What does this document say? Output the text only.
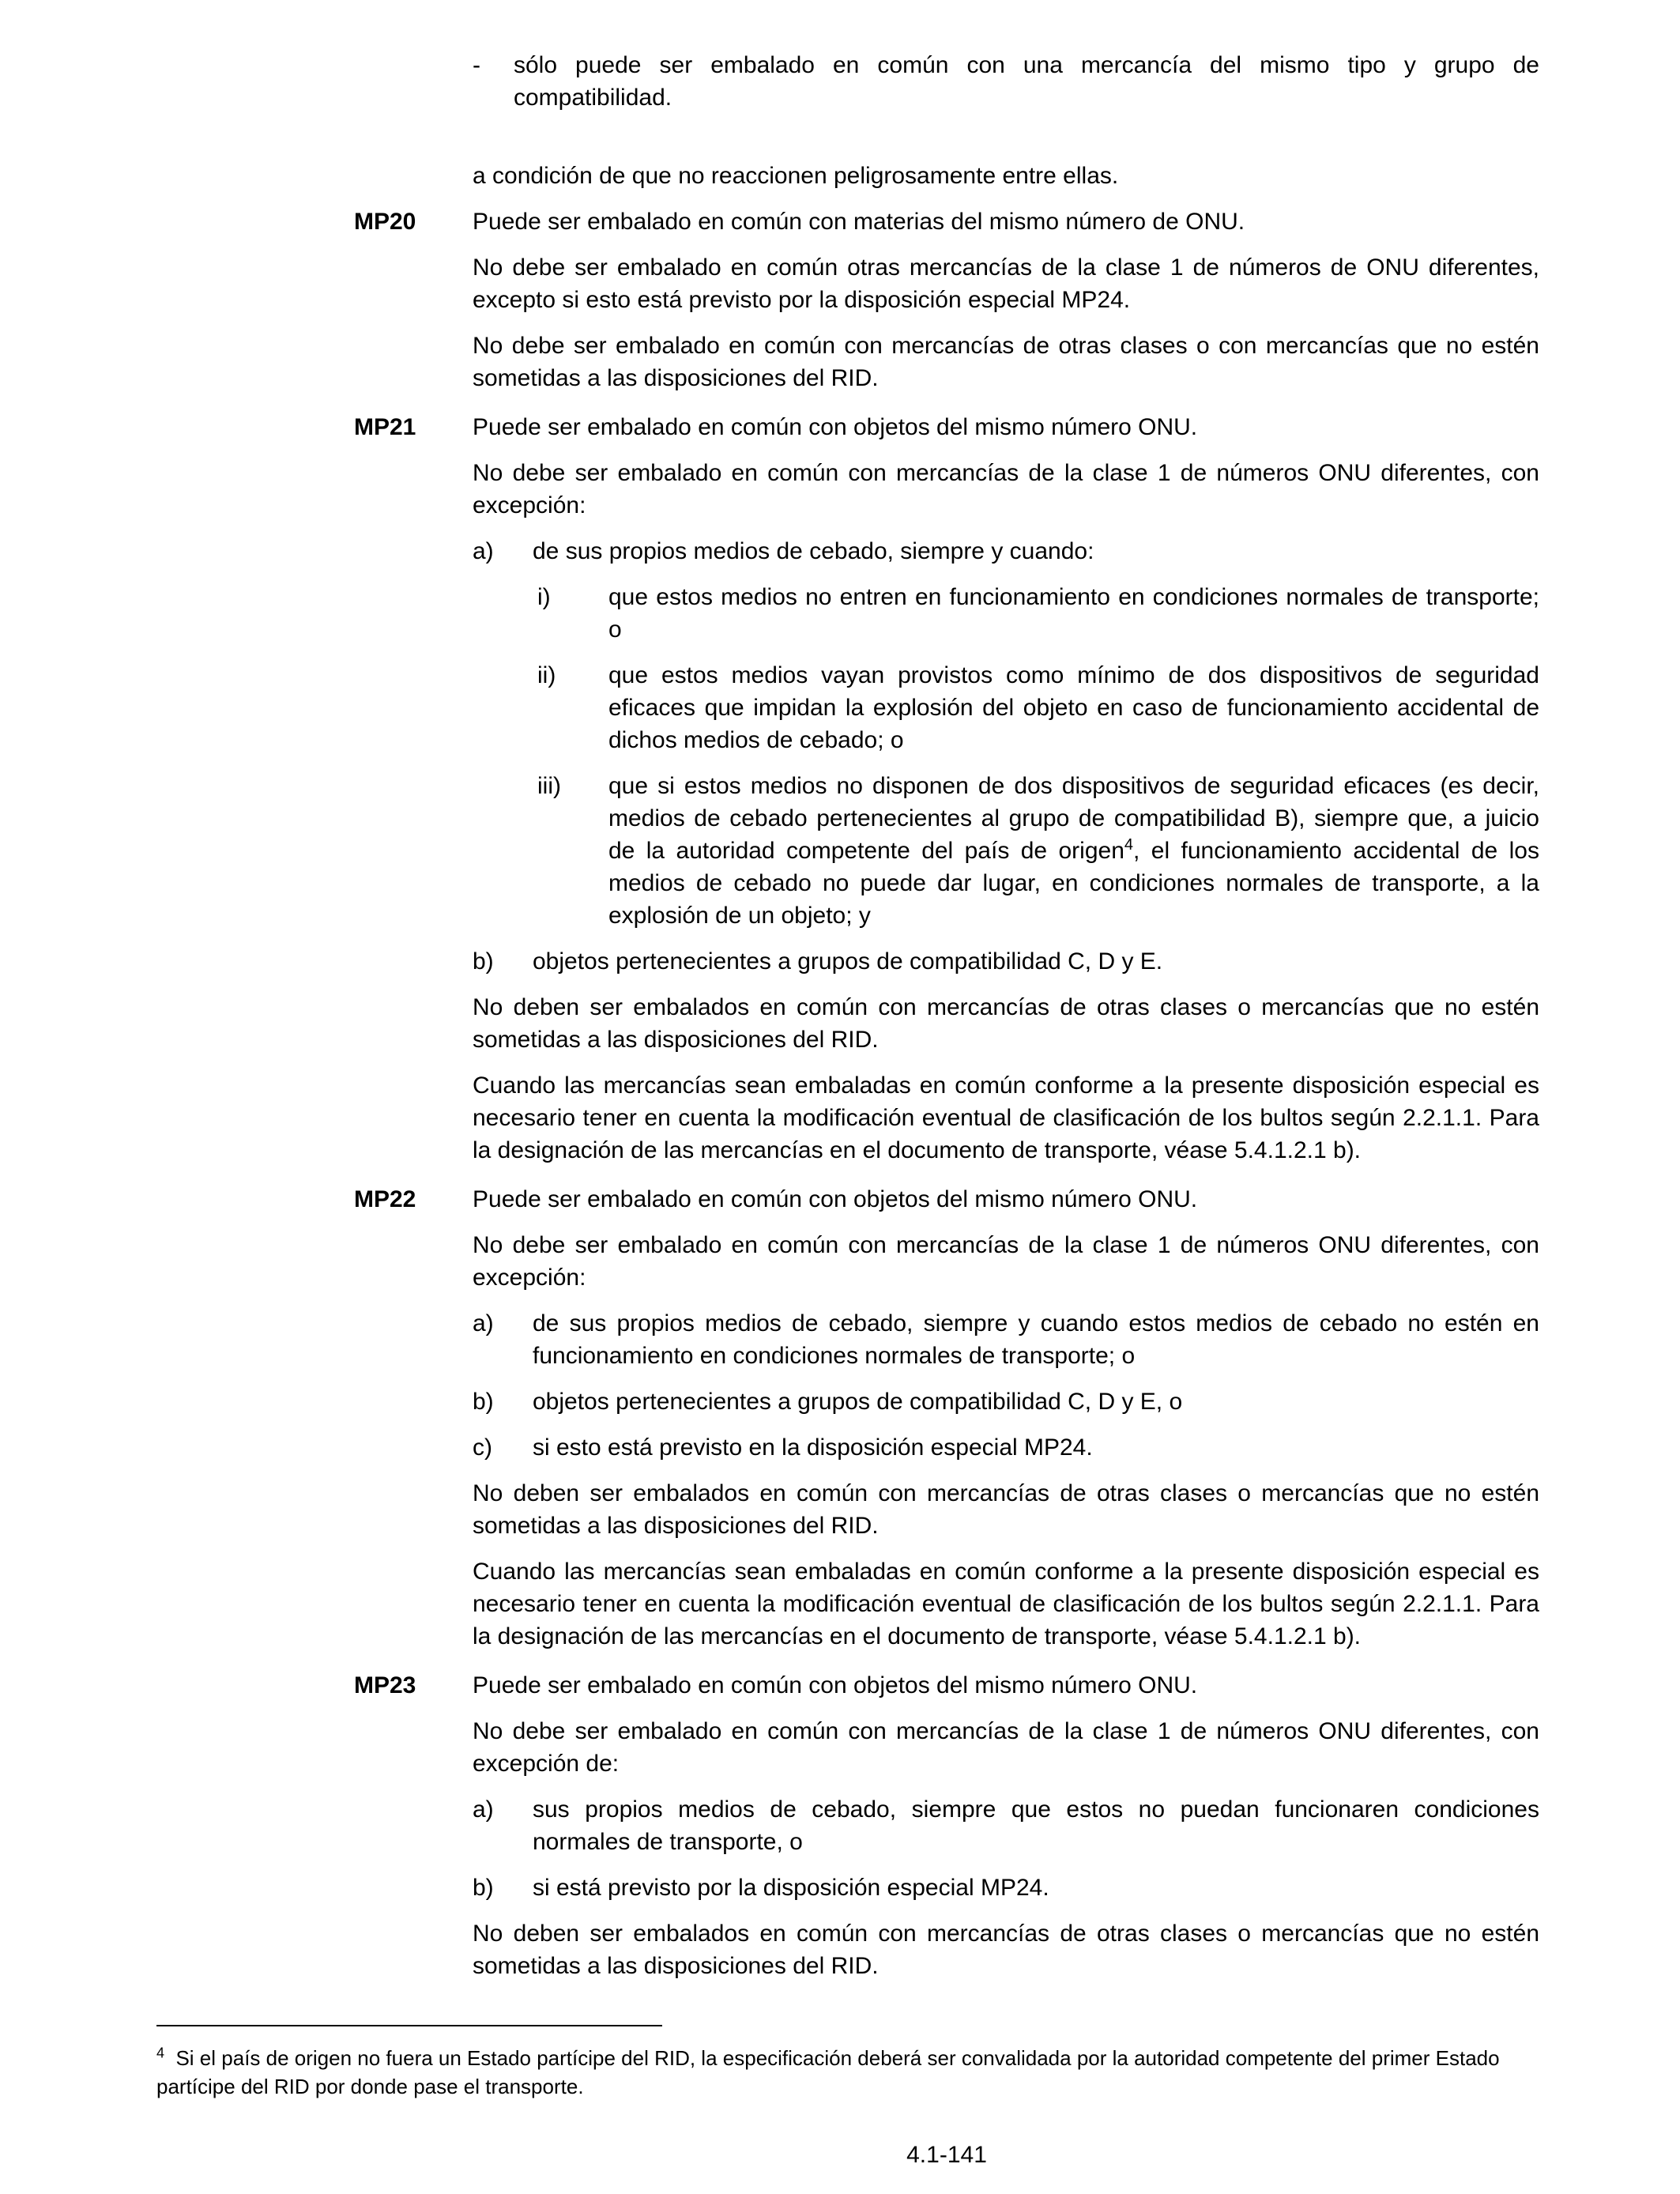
-	sólo puede ser embalado en común con una mercancía del mismo tipo y grupo de compatibilidad.

a condición de que no reaccionen peligrosamente entre ellas.

MP20	Puede ser embalado en común con materias del mismo número de ONU.

No debe ser embalado en común otras mercancías de la clase 1 de números de ONU diferentes, excepto si esto está previsto por la disposición especial MP24.

No debe ser embalado en común con mercancías de otras clases o con mercancías que no estén sometidas a las disposiciones del RID.

MP21	Puede ser embalado en común con objetos del mismo número ONU.

No debe ser embalado en común con mercancías de la clase 1 de números ONU diferentes, con excepción:

a)	de sus propios medios de cebado, siempre y cuando:

i)	que estos medios no entren en funcionamiento en condiciones normales de transporte; o

ii)	que estos medios vayan provistos como mínimo de dos dispositivos de seguridad eficaces que impidan la explosión del objeto en caso de funcionamiento accidental de dichos medios de cebado; o

iii)	que si estos medios no disponen de dos dispositivos de seguridad eficaces (es decir, medios de cebado pertenecientes al grupo de compatibilidad B), siempre que, a juicio de la autoridad competente del país de origen$^4$, el funcionamiento accidental de los medios de cebado no puede dar lugar, en condiciones normales de transporte, a la explosión de un objeto; y

b)	objetos pertenecientes a grupos de compatibilidad C, D y E.

No deben ser embalados en común con mercancías de otras clases o mercancías que no estén sometidas a las disposiciones del RID.

Cuando las mercancías sean embaladas en común conforme a la presente disposición especial es necesario tener en cuenta la modificación eventual de clasificación de los bultos según 2.2.1.1. Para la designación de las mercancías en el documento de transporte, véase 5.4.1.2.1 b).

MP22	Puede ser embalado en común con objetos del mismo número ONU.

No debe ser embalado en común con mercancías de la clase 1 de números ONU diferentes, con excepción:

a)	de sus propios medios de cebado, siempre y cuando estos medios de cebado no estén en funcionamiento en condiciones normales de transporte; o

b)	objetos pertenecientes a grupos de compatibilidad C, D y E, o

c)	si esto está previsto en la disposición especial MP24.

No deben ser embalados en común con mercancías de otras clases o mercancías que no estén sometidas a las disposiciones del RID.

Cuando las mercancías sean embaladas en común conforme a la presente disposición especial es necesario tener en cuenta la modificación eventual de clasificación de los bultos según 2.2.1.1. Para la designación de las mercancías en el documento de transporte, véase 5.4.1.2.1 b).

MP23	Puede ser embalado en común con objetos del mismo número ONU.

No debe ser embalado en común con mercancías de la clase 1 de números ONU diferentes, con excepción de:

a)	sus propios medios de cebado, siempre que estos no puedan funcionaren condiciones normales de transporte, o

b)	si está previsto por la disposición especial MP24.

No deben ser embalados en común con mercancías de otras clases o mercancías que no estén sometidas a las disposiciones del RID.

$^4$ Si el país de origen no fuera un Estado partícipe del RID, la especificación deberá ser convalidada por la autoridad competente del primer Estado partícipe del RID por donde pase el transporte.

4.1-141
